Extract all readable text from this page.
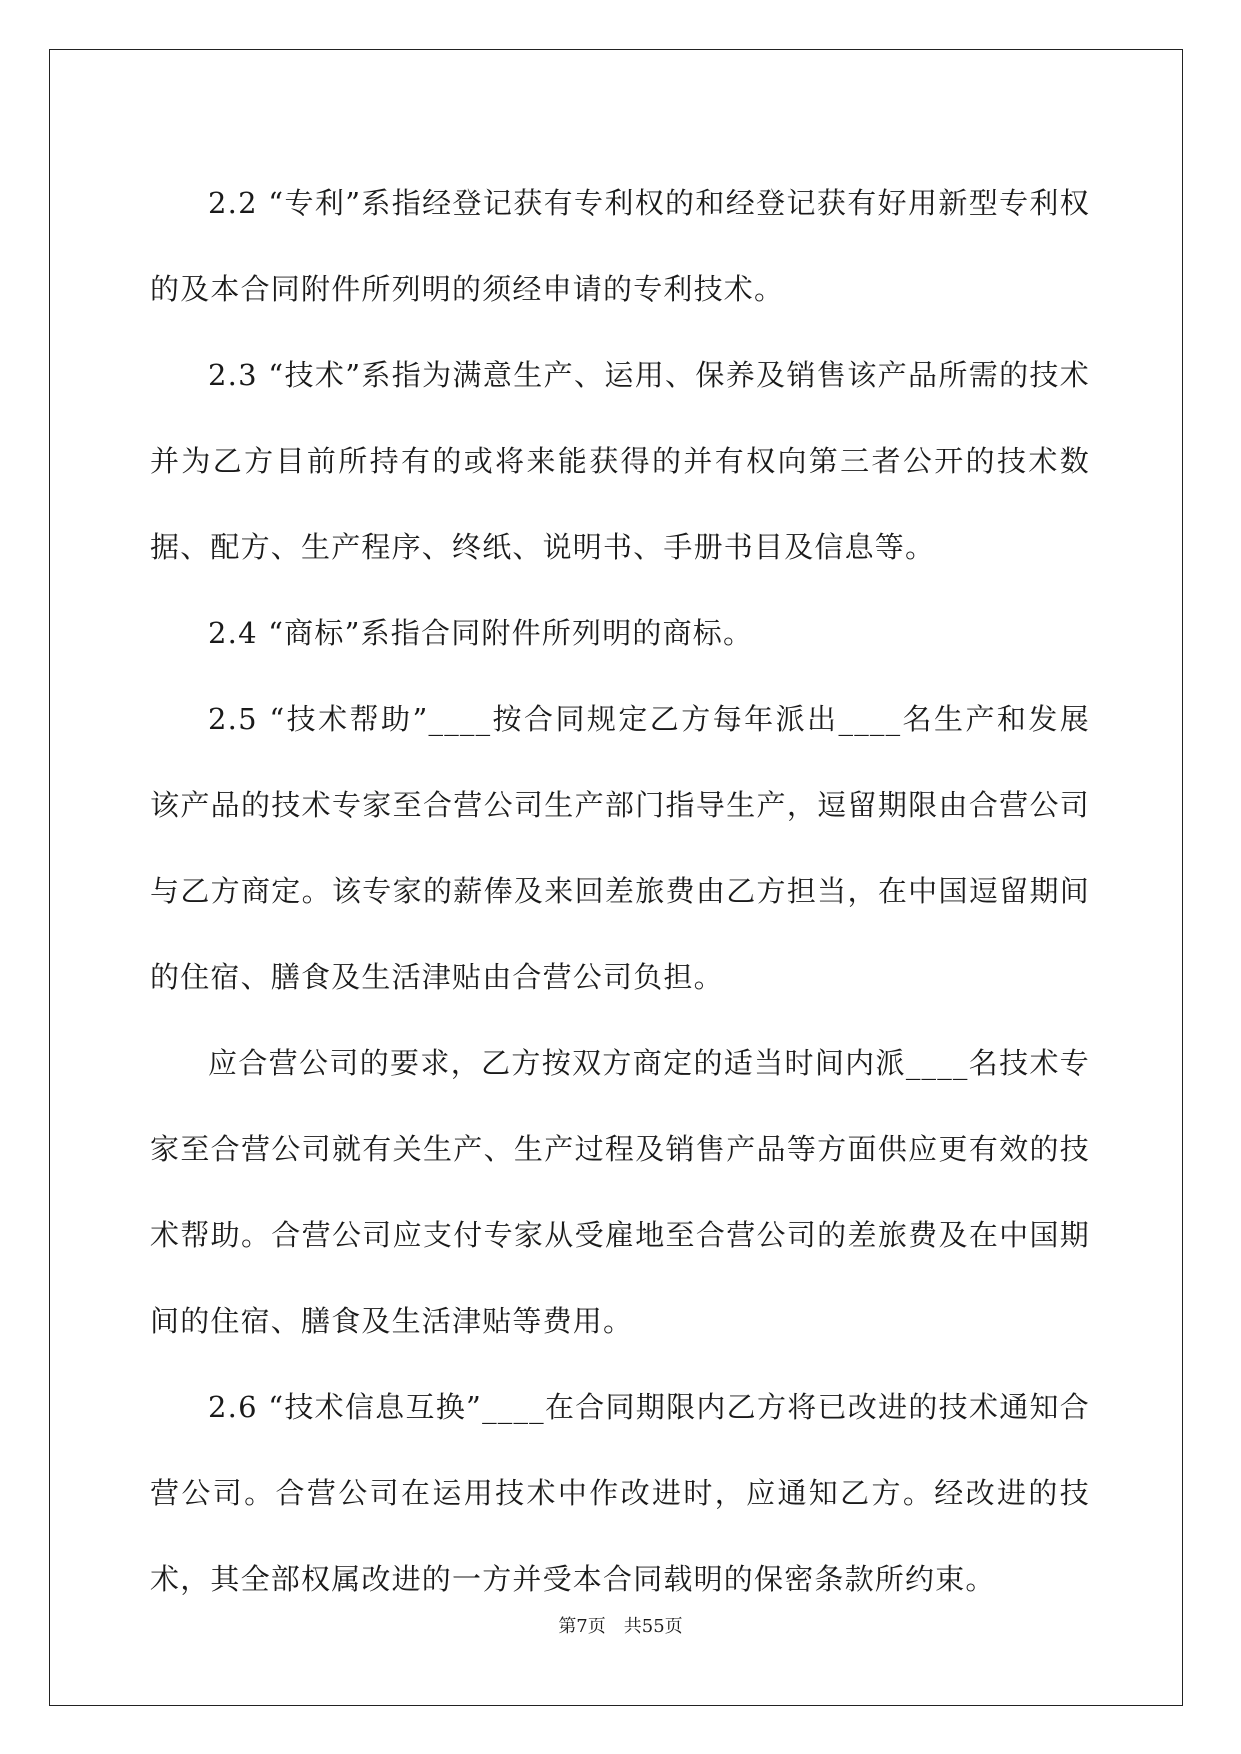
2.2 “专利”系指经登记获有专利权的和经登记获有好用新型专利权的及本合同附件所列明的须经申请的专利技术。

2.3 “技术”系指为满意生产、运用、保养及销售该产品所需的技术并为乙方目前所持有的或将来能获得的并有权向第三者公开的技术数据、配方、生产程序、终纸、说明书、手册书目及信息等。

2.4 “商标”系指合同附件所列明的商标。

2.5 “技术帮助”____按合同规定乙方每年派出____名生产和发展该产品的技术专家至合营公司生产部门指导生产，逗留期限由合营公司与乙方商定。该专家的薪俸及来回差旅费由乙方担当，在中国逗留期间的住宿、膳食及生活津贴由合营公司负担。

应合营公司的要求，乙方按双方商定的适当时间内派____名技术专家至合营公司就有关生产、生产过程及销售产品等方面供应更有效的技术帮助。合营公司应支付专家从受雇地至合营公司的差旅费及在中国期间的住宿、膳食及生活津贴等费用。

2.6 “技术信息互换”____在合同期限内乙方将已改进的技术通知合营公司。合营公司在运用技术中作改进时，应通知乙方。经改进的技术，其全部权属改进的一方并受本合同载明的保密条款所约束。

第7页　共55页
